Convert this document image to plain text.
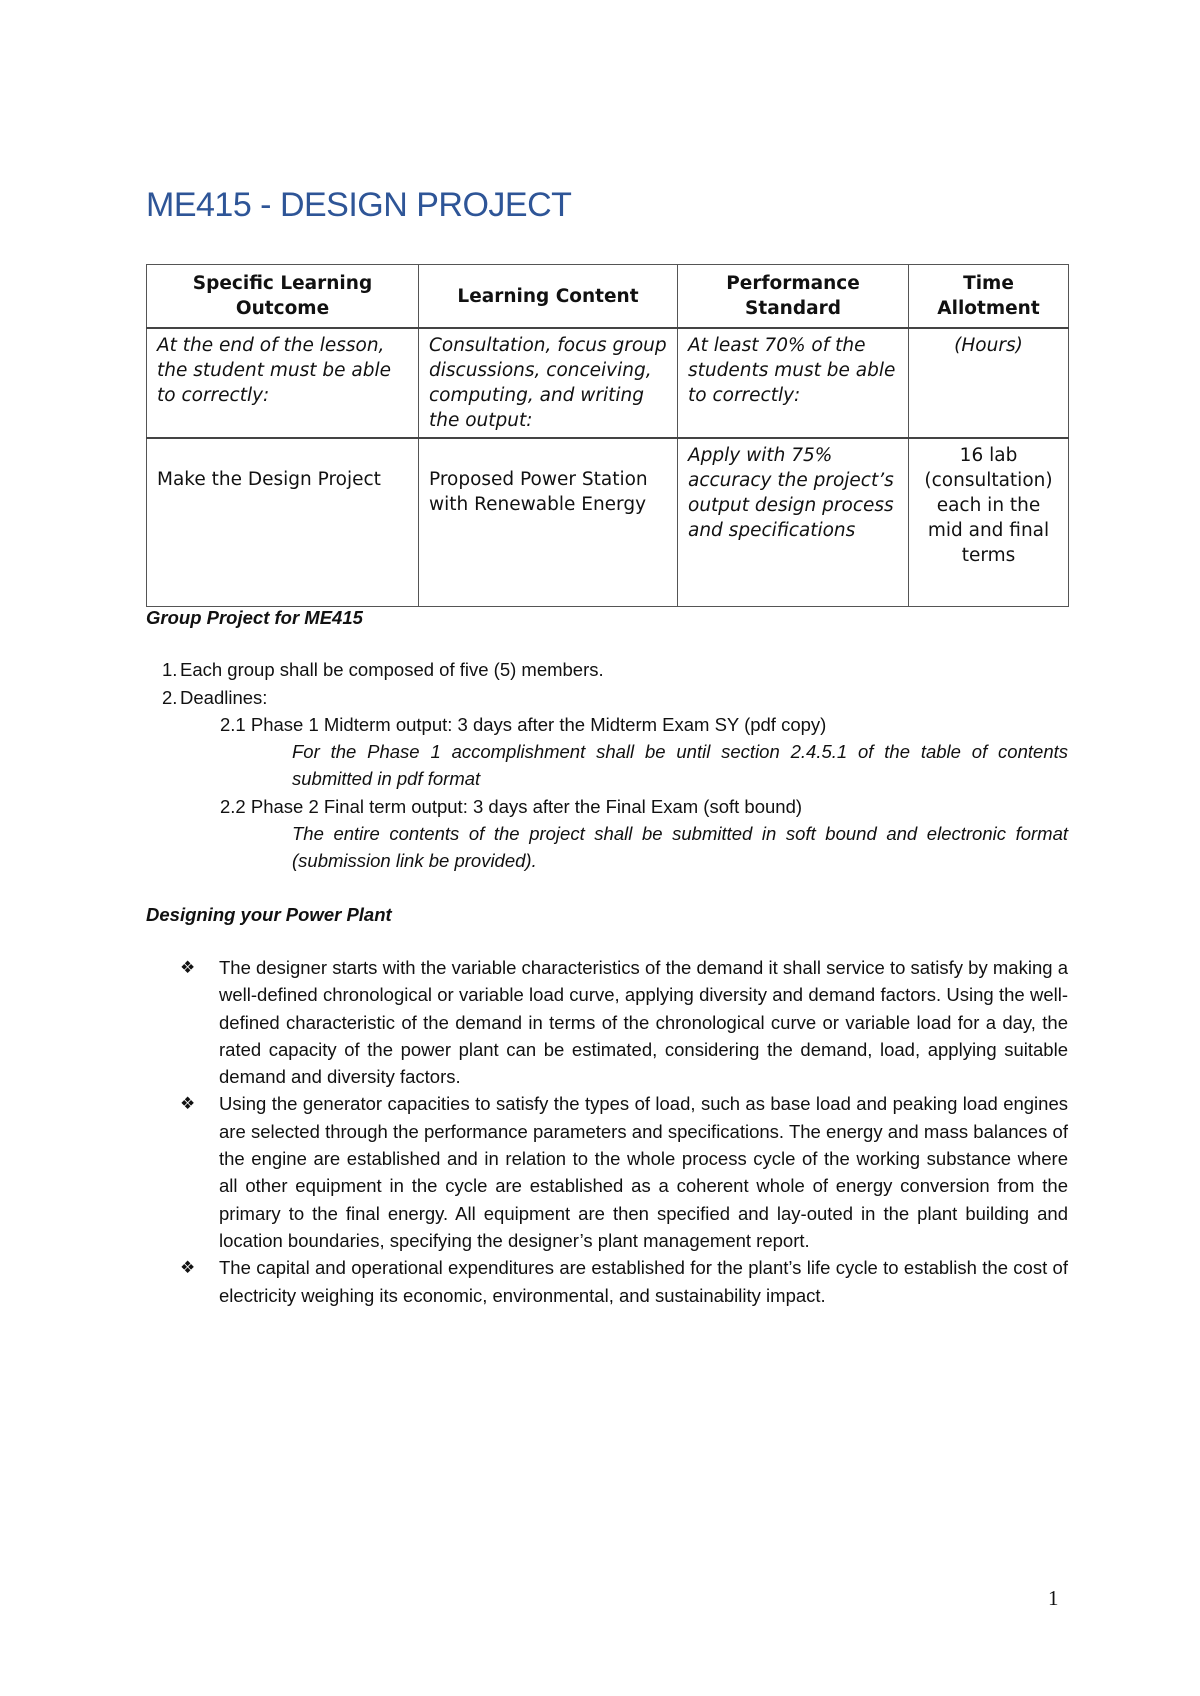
ME415 - DESIGN PROJECT
Specific Learning Outcome	Learning Content	Performance Standard	Time Allotment
At the end of the lesson, the student must be able to correctly:	Consultation, focus group discussions, conceiving, computing, and writing the output:	At least 70% of the students must be able to correctly:	(Hours)
Make the Design Project	Proposed Power Station with Renewable Energy	Apply with 75% accuracy the project’s output design process and specifications	16 lab (consultation) each in the mid and final terms

Group Project for ME415

1. Each group shall be composed of five (5) members.
2. Deadlines:
2.1 Phase 1 Midterm output: 3 days after the Midterm Exam SY (pdf copy)
For the Phase 1 accomplishment shall be until section 2.4.5.1 of the table of contents submitted in pdf format
2.2 Phase 2 Final term output: 3 days after the Final Exam (soft bound)
The entire contents of the project shall be submitted in soft bound and electronic format (submission link be provided).

Designing your Power Plant

❖ The designer starts with the variable characteristics of the demand it shall service to satisfy by making a well-defined chronological or variable load curve, applying diversity and demand factors. Using the well-defined characteristic of the demand in terms of the chronological curve or variable load for a day, the rated capacity of the power plant can be estimated, considering the demand, load, applying suitable demand and diversity factors.
❖ Using the generator capacities to satisfy the types of load, such as base load and peaking load engines are selected through the performance parameters and specifications. The energy and mass balances of the engine are established and in relation to the whole process cycle of the working substance where all other equipment in the cycle are established as a coherent whole of energy conversion from the primary to the final energy. All equipment are then specified and lay-outed in the plant building and location boundaries, specifying the designer’s plant management report.
❖ The capital and operational expenditures are established for the plant’s life cycle to establish the cost of electricity weighing its economic, environmental, and sustainability impact.
1
